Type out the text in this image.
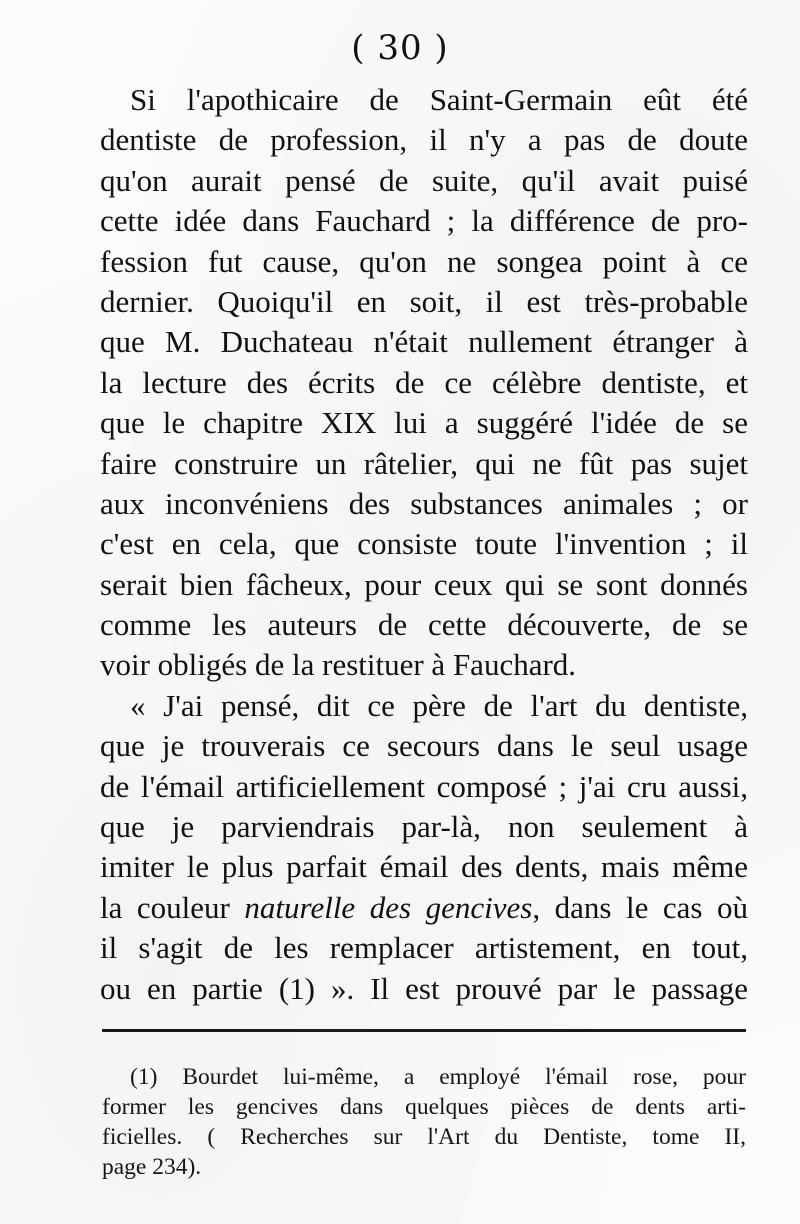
( 30 )
Si l'apothicaire de Saint-Germain eût été
dentiste de profession, il n'y a pas de doute
qu'on aurait pensé de suite, qu'il avait puisé
cette idée dans Fauchard ; la différence de pro-
fession fut cause, qu'on ne songea point à ce
dernier. Quoiqu'il en soit, il est très-probable
que M. Duchateau n'était nullement étranger à
la lecture des écrits de ce célèbre dentiste, et
que le chapitre XIX lui a suggéré l'idée de se
faire construire un râtelier, qui ne fût pas sujet
aux inconvéniens des substances animales ; or
c'est en cela, que consiste toute l'invention ; il
serait bien fâcheux, pour ceux qui se sont donnés
comme les auteurs de cette découverte, de se
voir obligés de la restituer à Fauchard.
« J'ai pensé, dit ce père de l'art du dentiste,
que je trouverais ce secours dans le seul usage
de l'émail artificiellement composé ; j'ai cru aussi,
que je parviendrais par-là, non seulement à
imiter le plus parfait émail des dents, mais même
la couleur naturelle des gencives, dans le cas où
il s'agit de les remplacer artistement, en tout,
ou en partie (1) ». Il est prouvé par le passage
(1) Bourdet lui-même, a employé l'émail rose, pour
former les gencives dans quelques pièces de dents arti-
ficielles. ( Recherches sur l'Art du Dentiste, tome II,
page 234).
